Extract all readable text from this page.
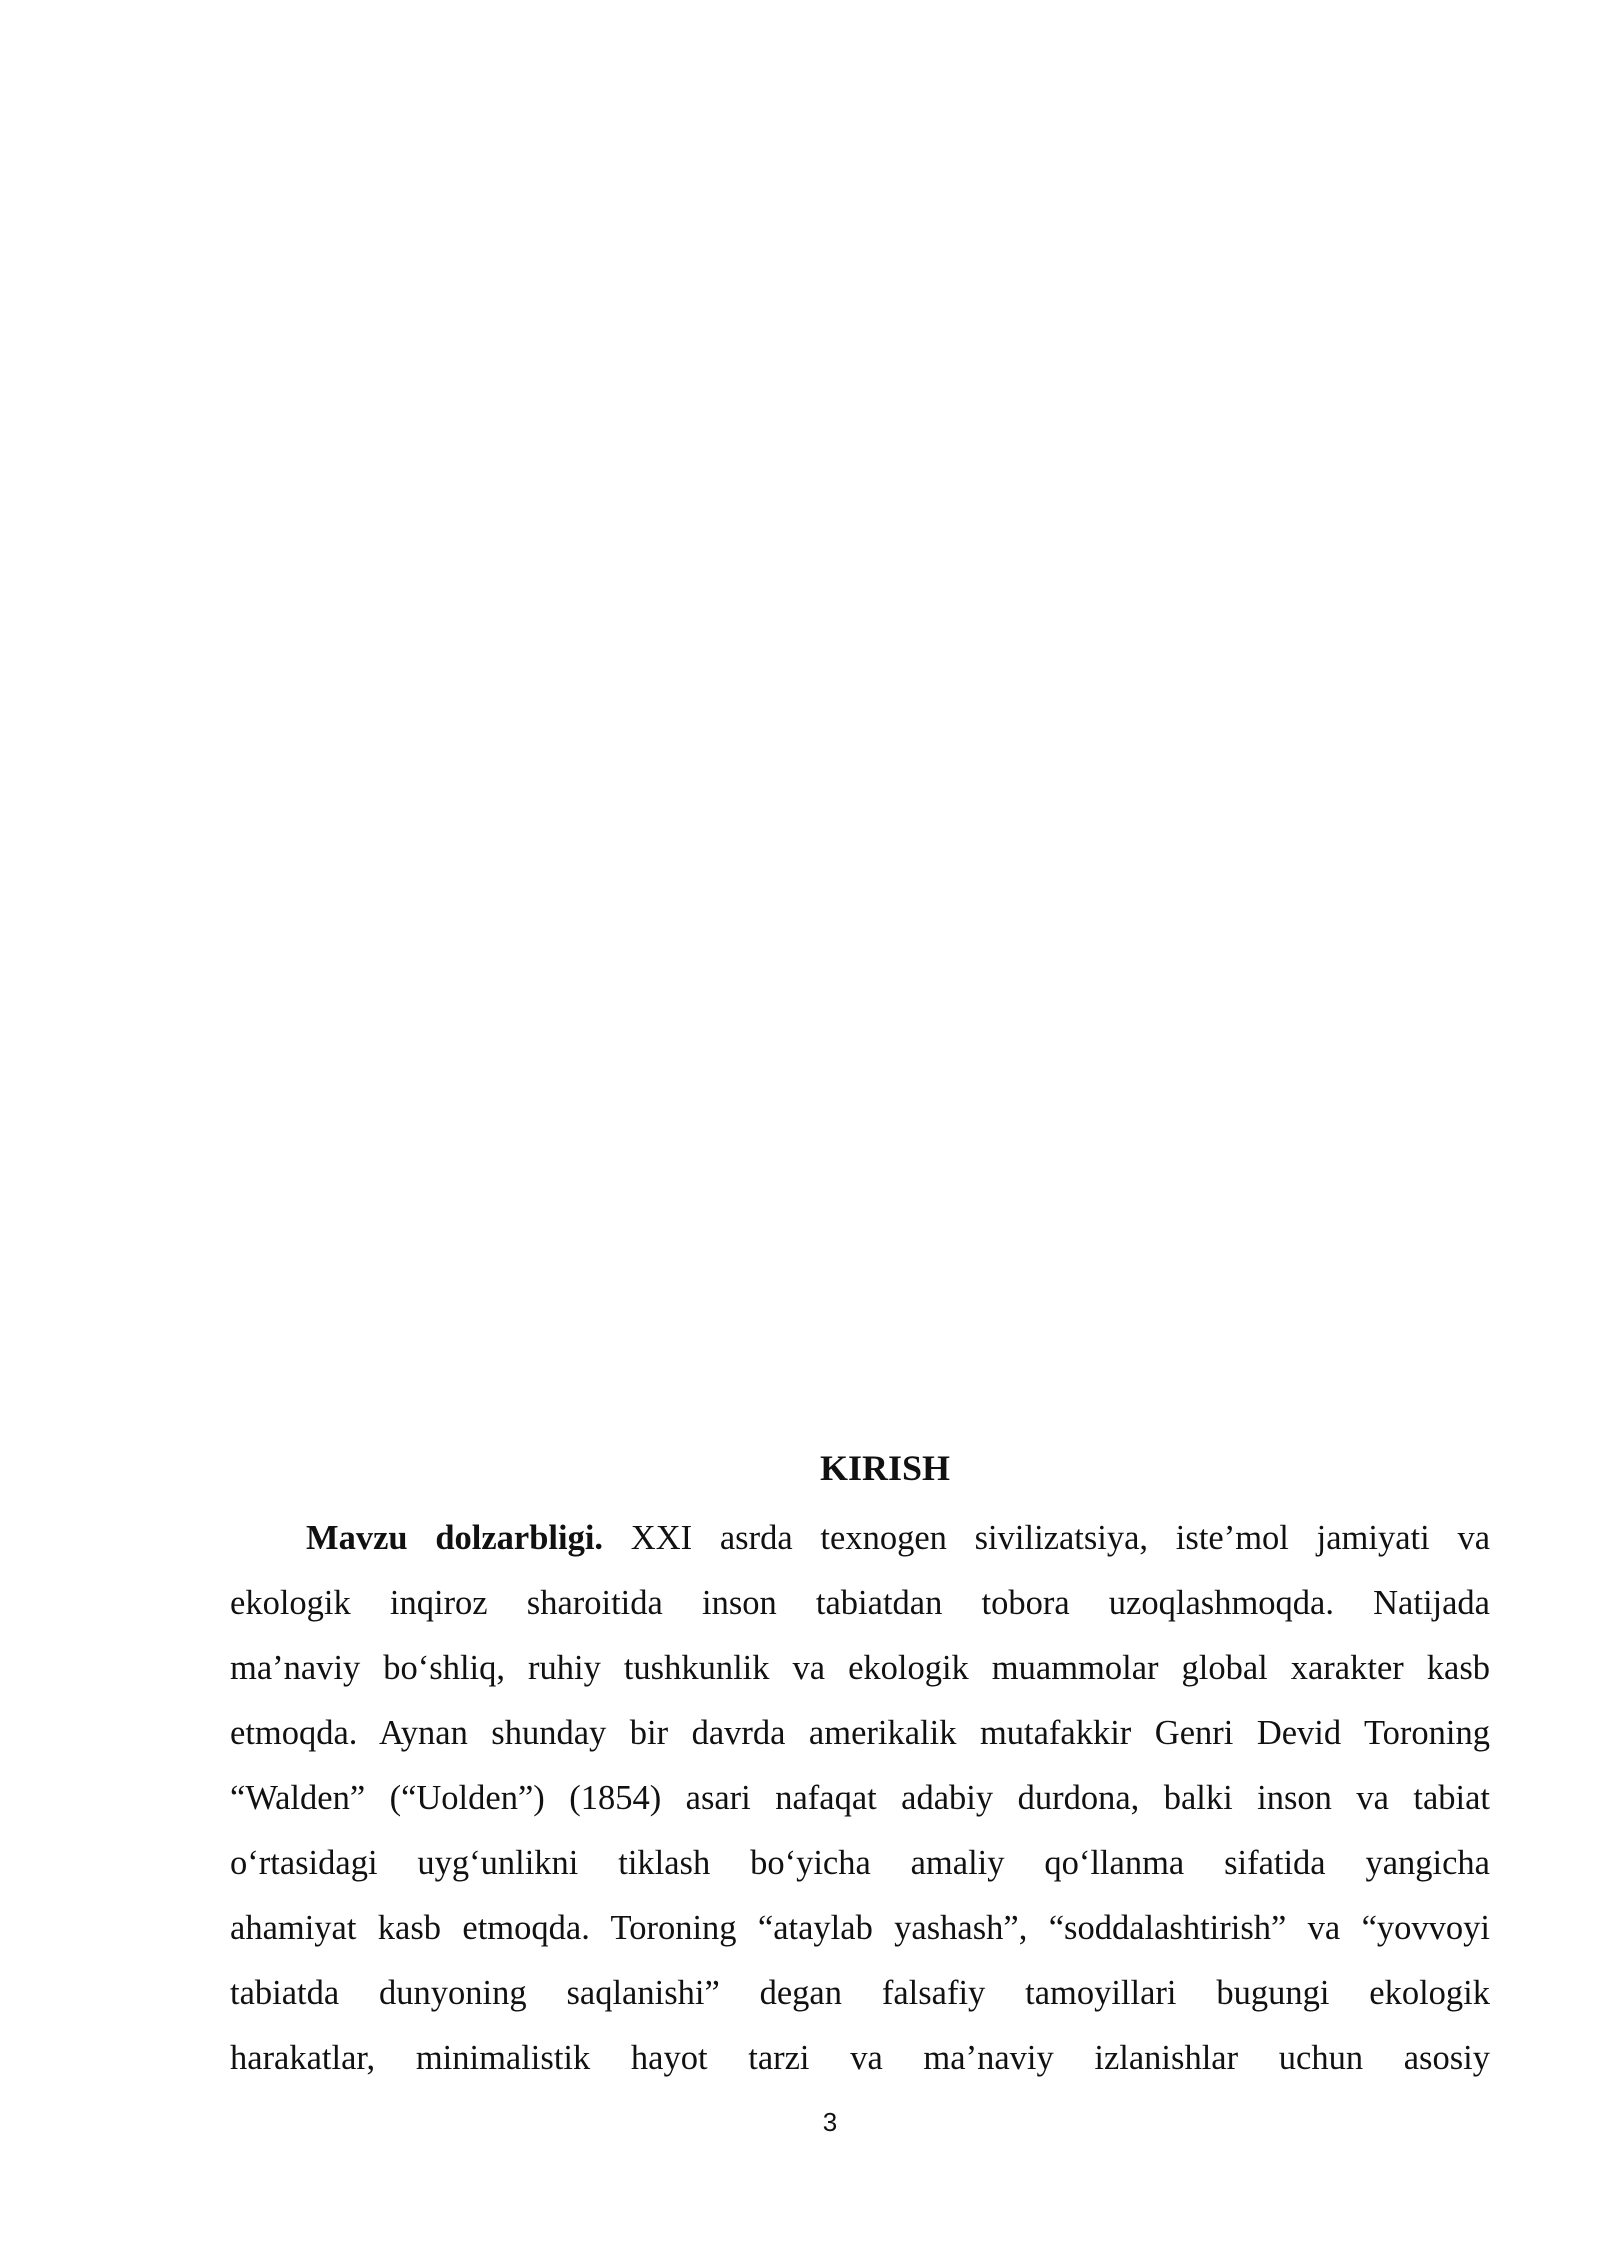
KIRISH
Mavzu dolzarbligi. XXI asrda texnogen sivilizatsiya, iste’mol jamiyati va
ekologik inqiroz sharoitida inson tabiatdan tobora uzoqlashmoqda. Natijada
ma’naviy bo‘shliq, ruhiy tushkunlik va ekologik muammolar global xarakter kasb
etmoqda. Aynan shunday bir davrda amerikalik mutafakkir Genri Devid Toroning
“Walden” (“Uolden”) (1854) asari nafaqat adabiy durdona, balki inson va tabiat
o‘rtasidagi uyg‘unlikni tiklash bo‘yicha amaliy qo‘llanma sifatida yangicha
ahamiyat kasb etmoqda. Toroning “ataylab yashash”, “soddalashtirish” va “yovvoyi
tabiatda dunyoning saqlanishi” degan falsafiy tamoyillari bugungi ekologik
harakatlar, minimalistik hayot tarzi va ma’naviy izlanishlar uchun asosiy
3
